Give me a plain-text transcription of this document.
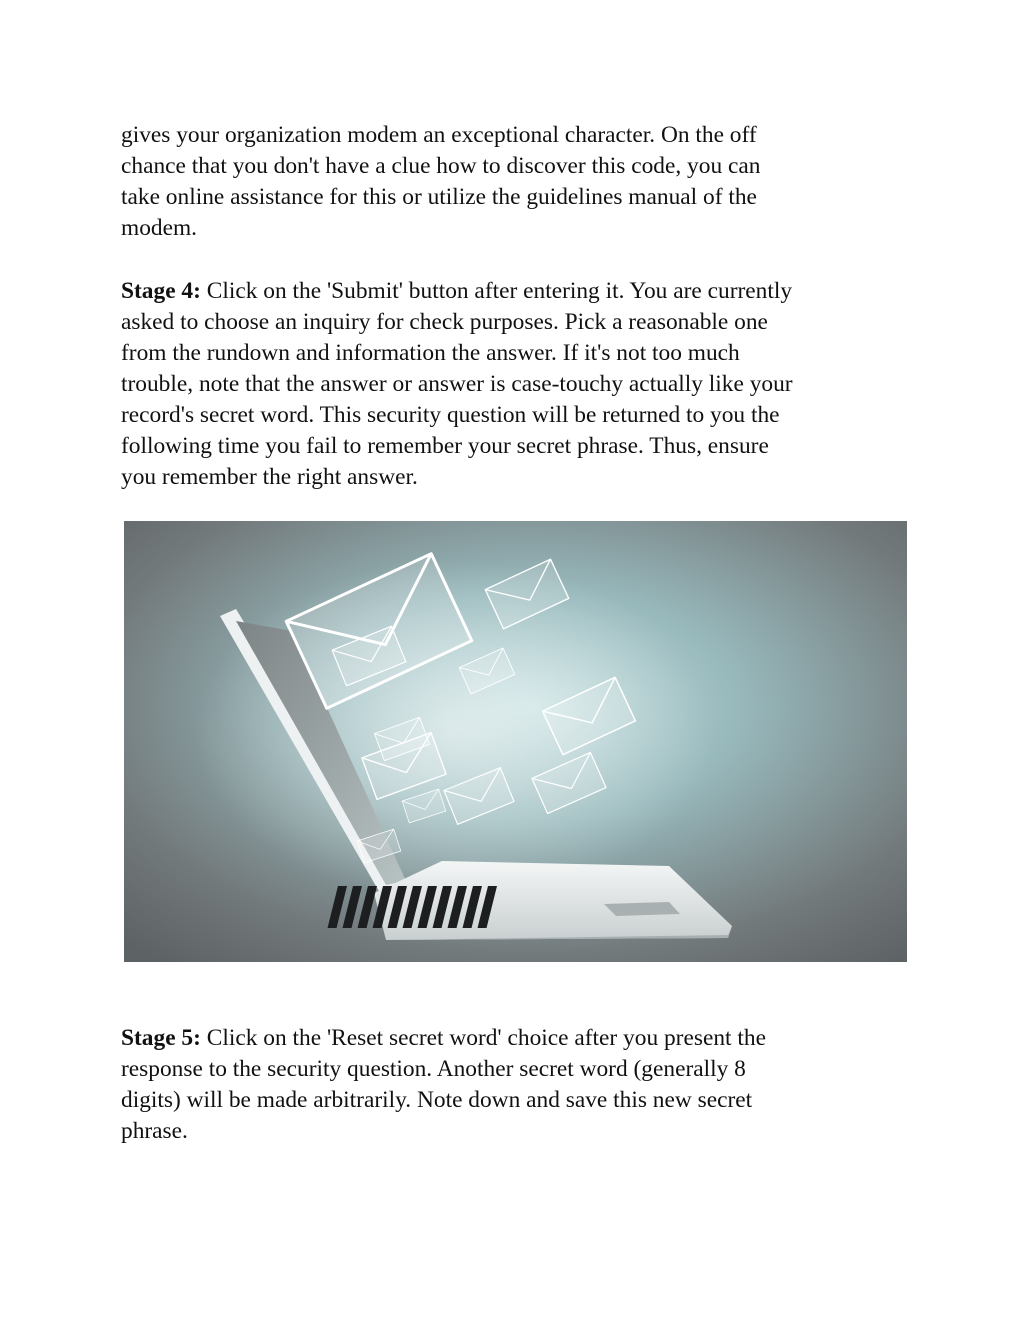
gives your organization modem an exceptional character. On the off
chance that you don't have a clue how to discover this code, you can
take online assistance for this or utilize the guidelines manual of the
modem.

Stage 4: Click on the 'Submit' button after entering it. You are currently
asked to choose an inquiry for check purposes. Pick a reasonable one
from the rundown and information the answer. If it's not too much
trouble, note that the answer or answer is case-touchy actually like your
record's secret word. This security question will be returned to you the
following time you fail to remember your secret phrase. Thus, ensure
you remember the right answer.

Stage 5: Click on the 'Reset secret word' choice after you present the
response to the security question. Another secret word (generally 8
digits) will be made arbitrarily. Note down and save this new secret
phrase.
